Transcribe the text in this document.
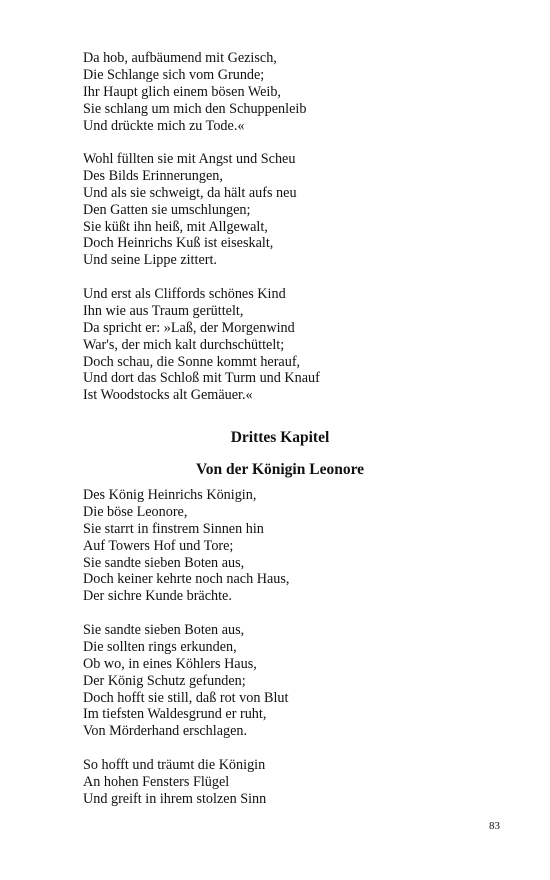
Da hob, aufbäumend mit Gezisch,
Die Schlange sich vom Grunde;
Ihr Haupt glich einem bösen Weib,
Sie schlang um mich den Schuppenleib
Und drückte mich zu Tode.«
Wohl füllten sie mit Angst und Scheu
Des Bilds Erinnerungen,
Und als sie schweigt, da hält aufs neu
Den Gatten sie umschlungen;
Sie küßt ihn heiß, mit Allgewalt,
Doch Heinrichs Kuß ist eiseskalt,
Und seine Lippe zittert.
Und erst als Cliffords schönes Kind
Ihn wie aus Traum gerüttelt,
Da spricht er: »Laß, der Morgenwind
War's, der mich kalt durchschüttelt;
Doch schau, die Sonne kommt herauf,
Und dort das Schloß mit Turm und Knauf
Ist Woodstocks alt Gemäuer.«
Drittes Kapitel
Von der Königin Leonore
Des König Heinrichs Königin,
Die böse Leonore,
Sie starrt in finstrem Sinnen hin
Auf Towers Hof und Tore;
Sie sandte sieben Boten aus,
Doch keiner kehrte noch nach Haus,
Der sichre Kunde brächte.
Sie sandte sieben Boten aus,
Die sollten rings erkunden,
Ob wo, in eines Köhlers Haus,
Der König Schutz gefunden;
Doch hofft sie still, daß rot von Blut
Im tiefsten Waldesgrund er ruht,
Von Mörderhand erschlagen.
So hofft und träumt die Königin
An hohen Fensters Flügel
Und greift in ihrem stolzen Sinn
83
